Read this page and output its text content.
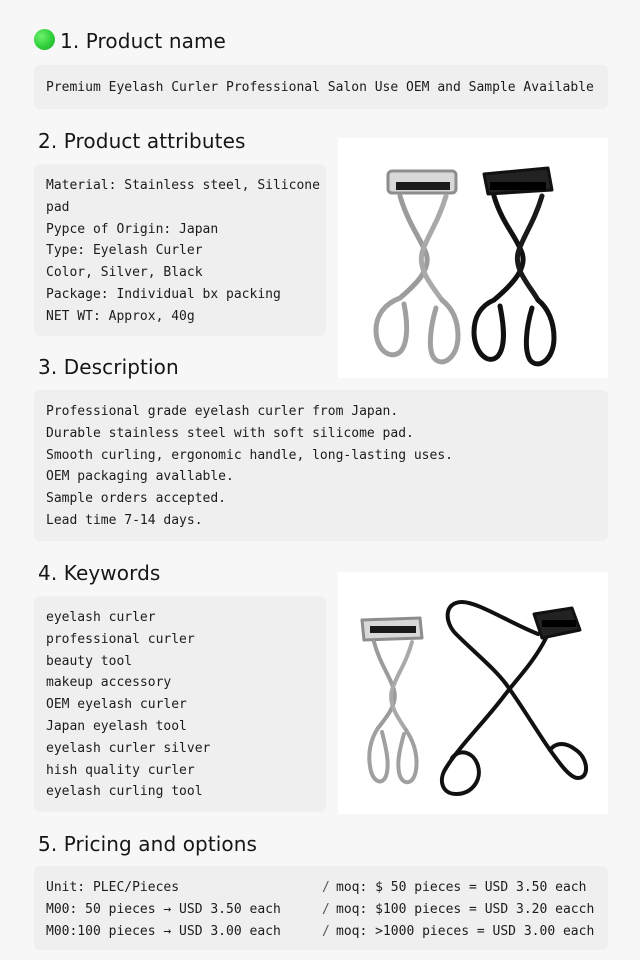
1. Product name
Premium Eyelash Curler Professional Salon Use OEM and Sample Available
2. Product attributes
Material: Stainless steel, Silicone
pad
Pypce of Origin: Japan
Type: Eyelash Curler
Color, Silver, Black
Package: Individual bx packing
NET WT: Approx, 40g
3. Description
Professional grade eyelash curler from Japan.
Durable stainless steel with soft silicome pad.
Smooth curling, ergonomic handle, long-lasting uses.
OEM packaging avallable.
Sample orders accepted.
Lead time 7-14 days.
4. Keywords
eyelash curler
professional curler
beauty tool
makeup accessory
OEM eyelash curler
Japan eyelash tool
eyelash curler silver
hish quality curler
eyelash curling tool
5. Pricing and options
Unit: PLEC/Pieces	/ moq: $ 50 pieces = USD 3.50 each
M00: 50 pieces → USD 3.50 each	/ moq: $100 pieces = USD 3.20 eacch
M00:100 pieces → USD 3.00 each	/ moq: >1000 pieces = USD 3.00 each
